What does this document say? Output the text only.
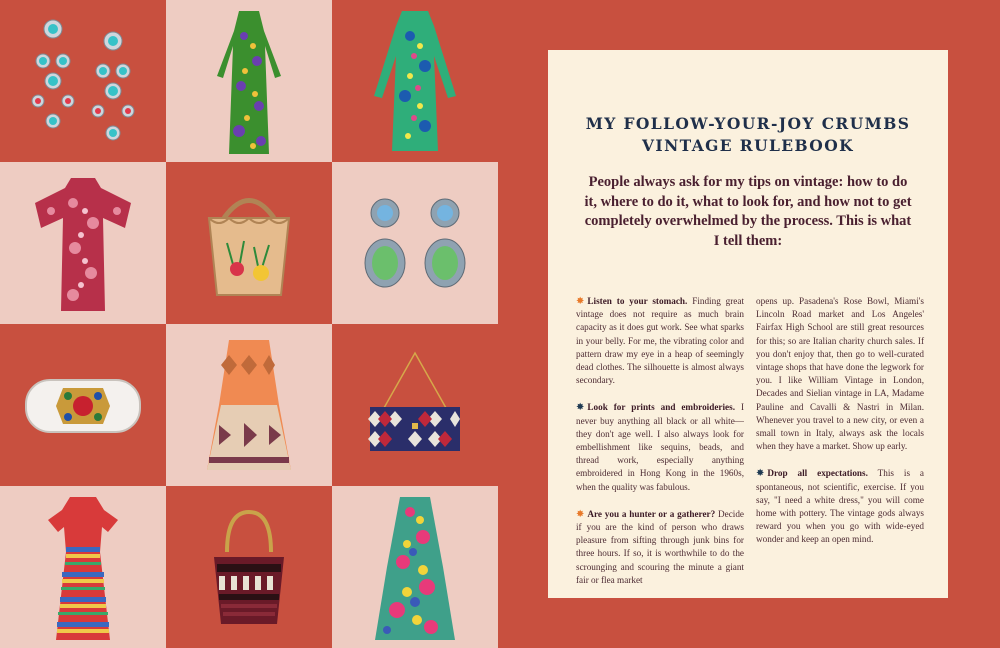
MY FOLLOW-YOUR-JOY CRUMBS
VINTAGE RULEBOOK
People always ask for my tips on vintage: how to do it, where to do it, what to look for, and how not to get completely overwhelmed by the process. This is what I tell them:

✸ Listen to your stomach. Finding great vintage does not require as much brain capacity as it does gut work. See what sparks in your belly. For me, the vibrating color and pattern draw my eye in a heap of seemingly dead clothes. The silhouette is almost always secondary.

✸ Look for prints and embroideries. I never buy anything all black or all white—they don't age well. I also always look for embellishment like sequins, beads, and thread work, especially anything embroidered in Hong Kong in the 1960s, when the quality was fabulous.

✸ Are you a hunter or a gatherer? Decide if you are the kind of person who draws pleasure from sifting through junk bins for three hours. If so, it is worthwhile to do the scrounging and scouring the minute a giant fair or flea market

opens up. Pasadena's Rose Bowl, Miami's Lincoln Road market and Los Angeles' Fairfax High School are still great resources for this; so are Italian charity church sales. If you don't enjoy that, then go to well-curated vintage shops that have done the legwork for you. I like William Vintage in London, Decades and Sielian vintage in LA, Madame Pauline and Cavalli & Nastri in Milan. Whenever you travel to a new city, or even a small town in Italy, always ask the locals when they have a market. Show up early.

✸ Drop all expectations. This is a spontaneous, not scientific, exercise. If you say, "I need a white dress," you will come home with pottery. The vintage gods always reward you when you go with wide-eyed wonder and keep an open mind.
